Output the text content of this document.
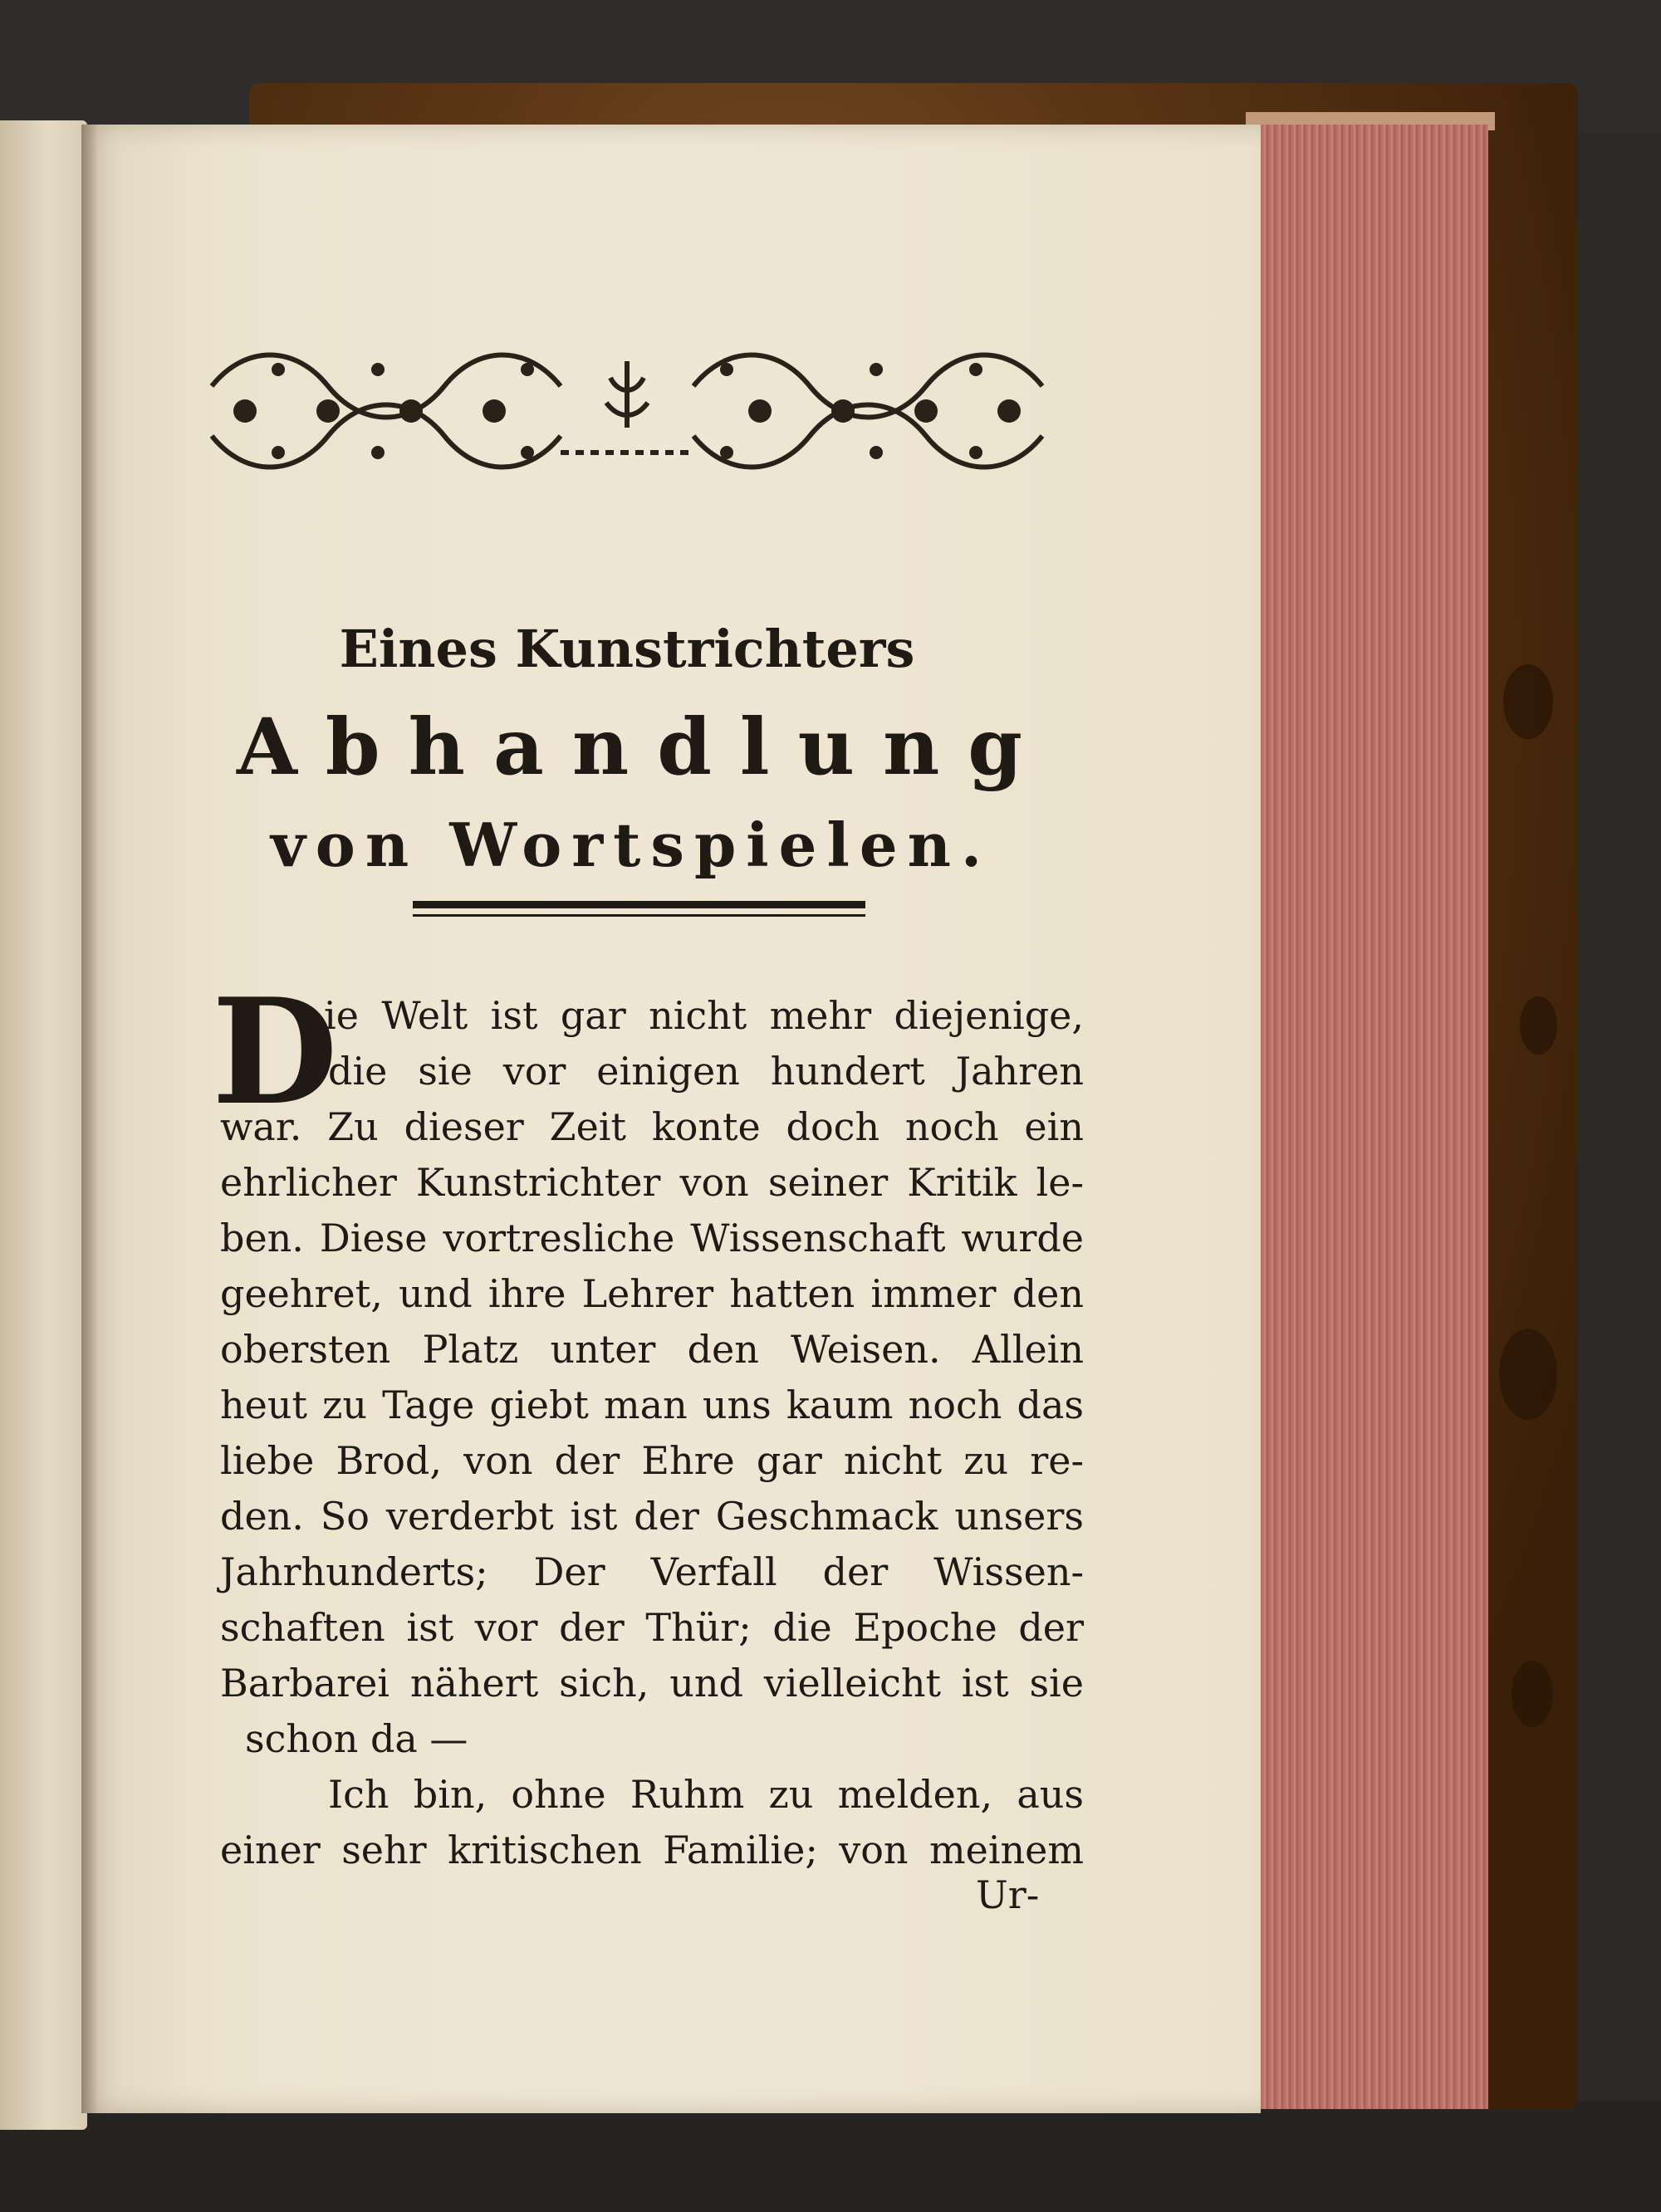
Eines Kunstrichters
Abhandlung
von Wortspielen.
D
ie Welt ist gar nicht mehr diejenige,
die sie vor einigen hundert Jahren
war. Zu dieser Zeit konte doch noch ein
ehrlicher Kunstrichter von seiner Kritik le-
ben. Diese vortresliche Wissenschaft wurde
geehret, und ihre Lehrer hatten immer den
obersten Platz unter den Weisen. Allein
heut zu Tage giebt man uns kaum noch das
liebe Brod, von der Ehre gar nicht zu re-
den. So verderbt ist der Geschmack unsers
Jahrhunderts; Der Verfall der Wissen-
schaften ist vor der Thür; die Epoche der
Barbarei nähert sich, und vielleicht ist sie
schon da —
Ich bin, ohne Ruhm zu melden, aus
einer sehr kritischen Familie; von meinem
Ur-
